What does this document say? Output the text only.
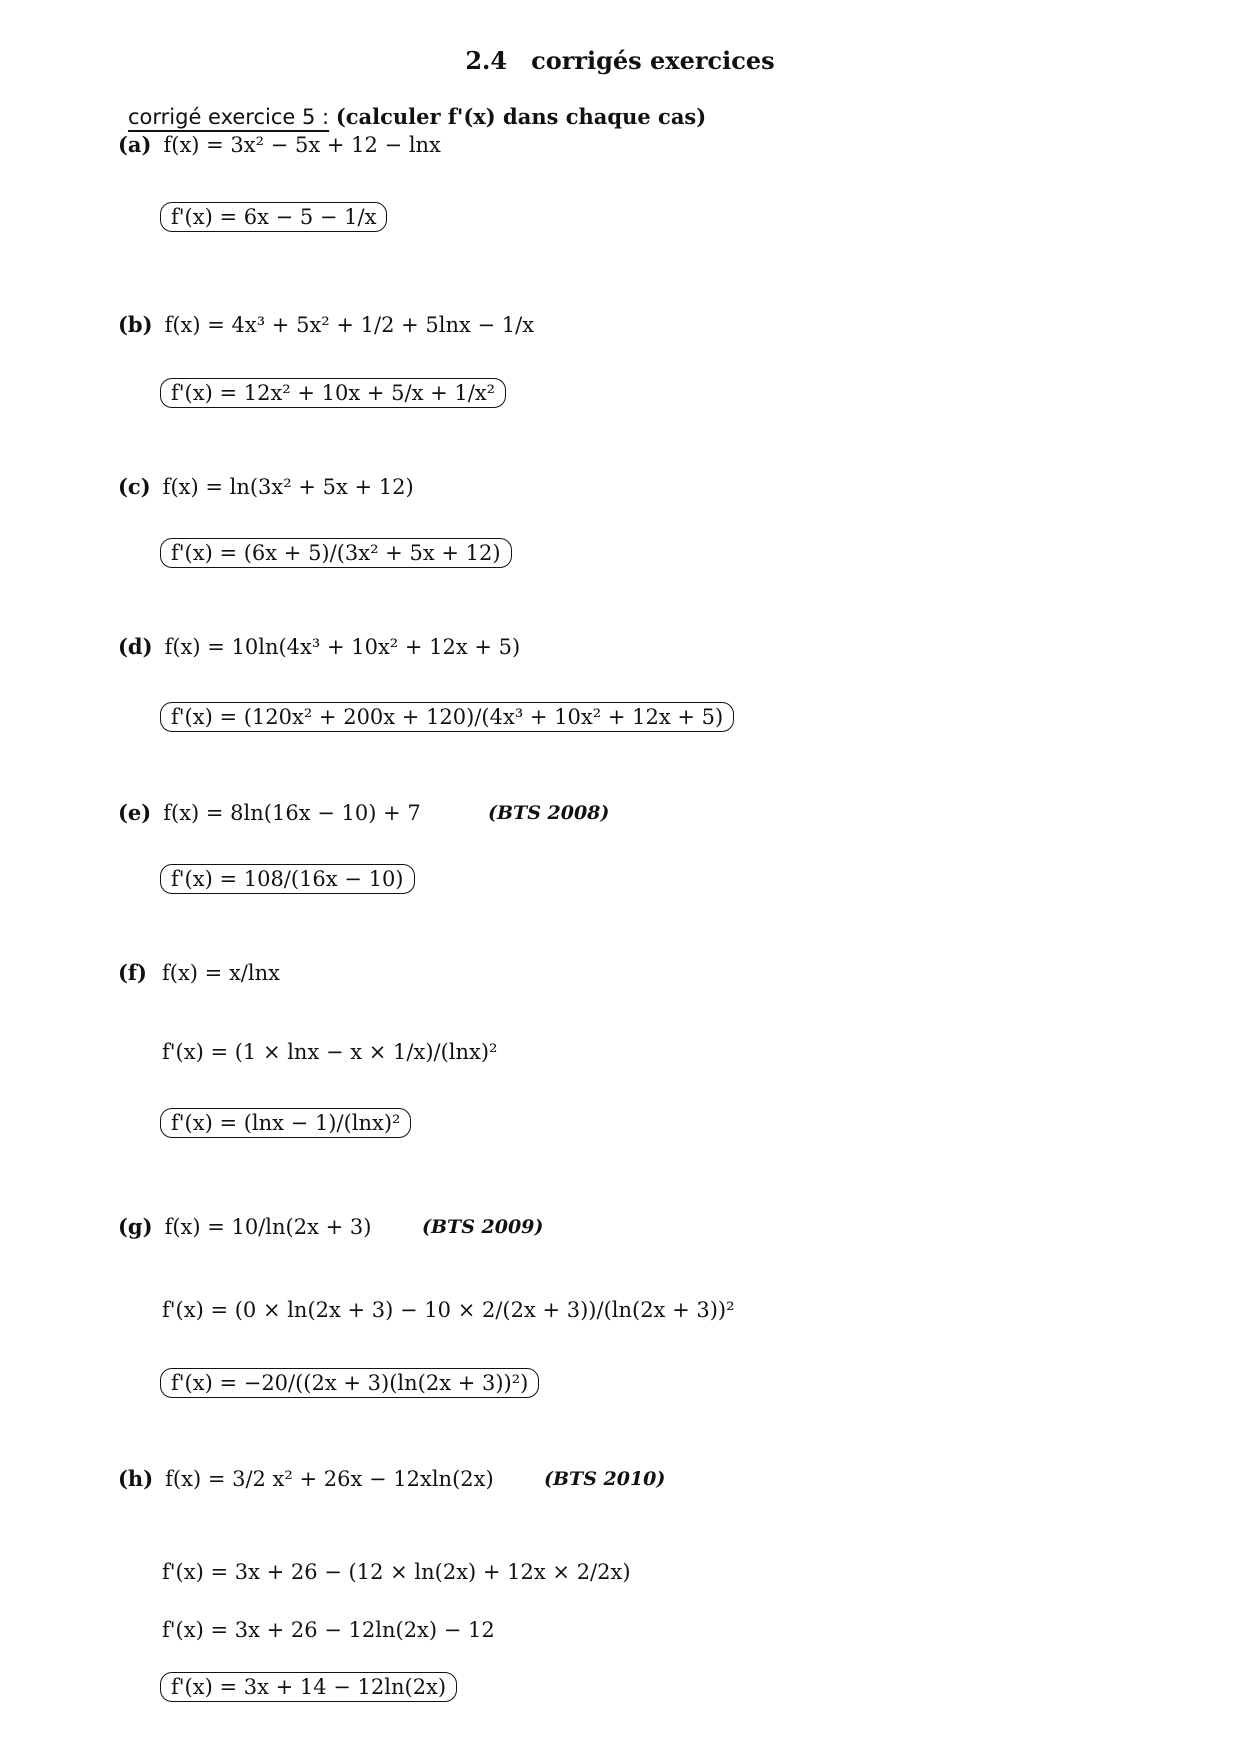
2.4 corrigés exercices
corrigé exercice 5 : (calculer f'(x) dans chaque cas)
(a) f(x) = 3x² − 5x + 12 − lnx
f'(x) = 6x − 5 − 1/x
(b) f(x) = 4x³ + 5x² + 1/2 + 5lnx − 1/x
f'(x) = 12x² + 10x + 5/x + 1/x²
(c) f(x) = ln(3x² + 5x + 12)
f'(x) = (6x + 5)/(3x² + 5x + 12)
(d) f(x) = 10ln(4x³ + 10x² + 12x + 5)
f'(x) = (120x² + 200x + 120)/(4x³ + 10x² + 12x + 5)
(e) f(x) = 8ln(16x − 10) + 7	(BTS 2008)
f'(x) = 108/(16x − 10)
(f) f(x) = x/lnx
f'(x) = (1 × lnx − x × 1/x)/(lnx)²
f'(x) = (lnx − 1)/(lnx)²
(g) f(x) = 10/ln(2x + 3)	(BTS 2009)
f'(x) = (0 × ln(2x + 3) − 10 × 2/(2x + 3))/(ln(2x + 3))²
f'(x) = −20/((2x + 3)(ln(2x + 3))²)
(h) f(x) = 3/2 x² + 26x − 12xln(2x)	(BTS 2010)
f'(x) = 3x + 26 − (12 × ln(2x) + 12x × 2/2x)
f'(x) = 3x + 26 − 12ln(2x) − 12
f'(x) = 3x + 14 − 12ln(2x)
